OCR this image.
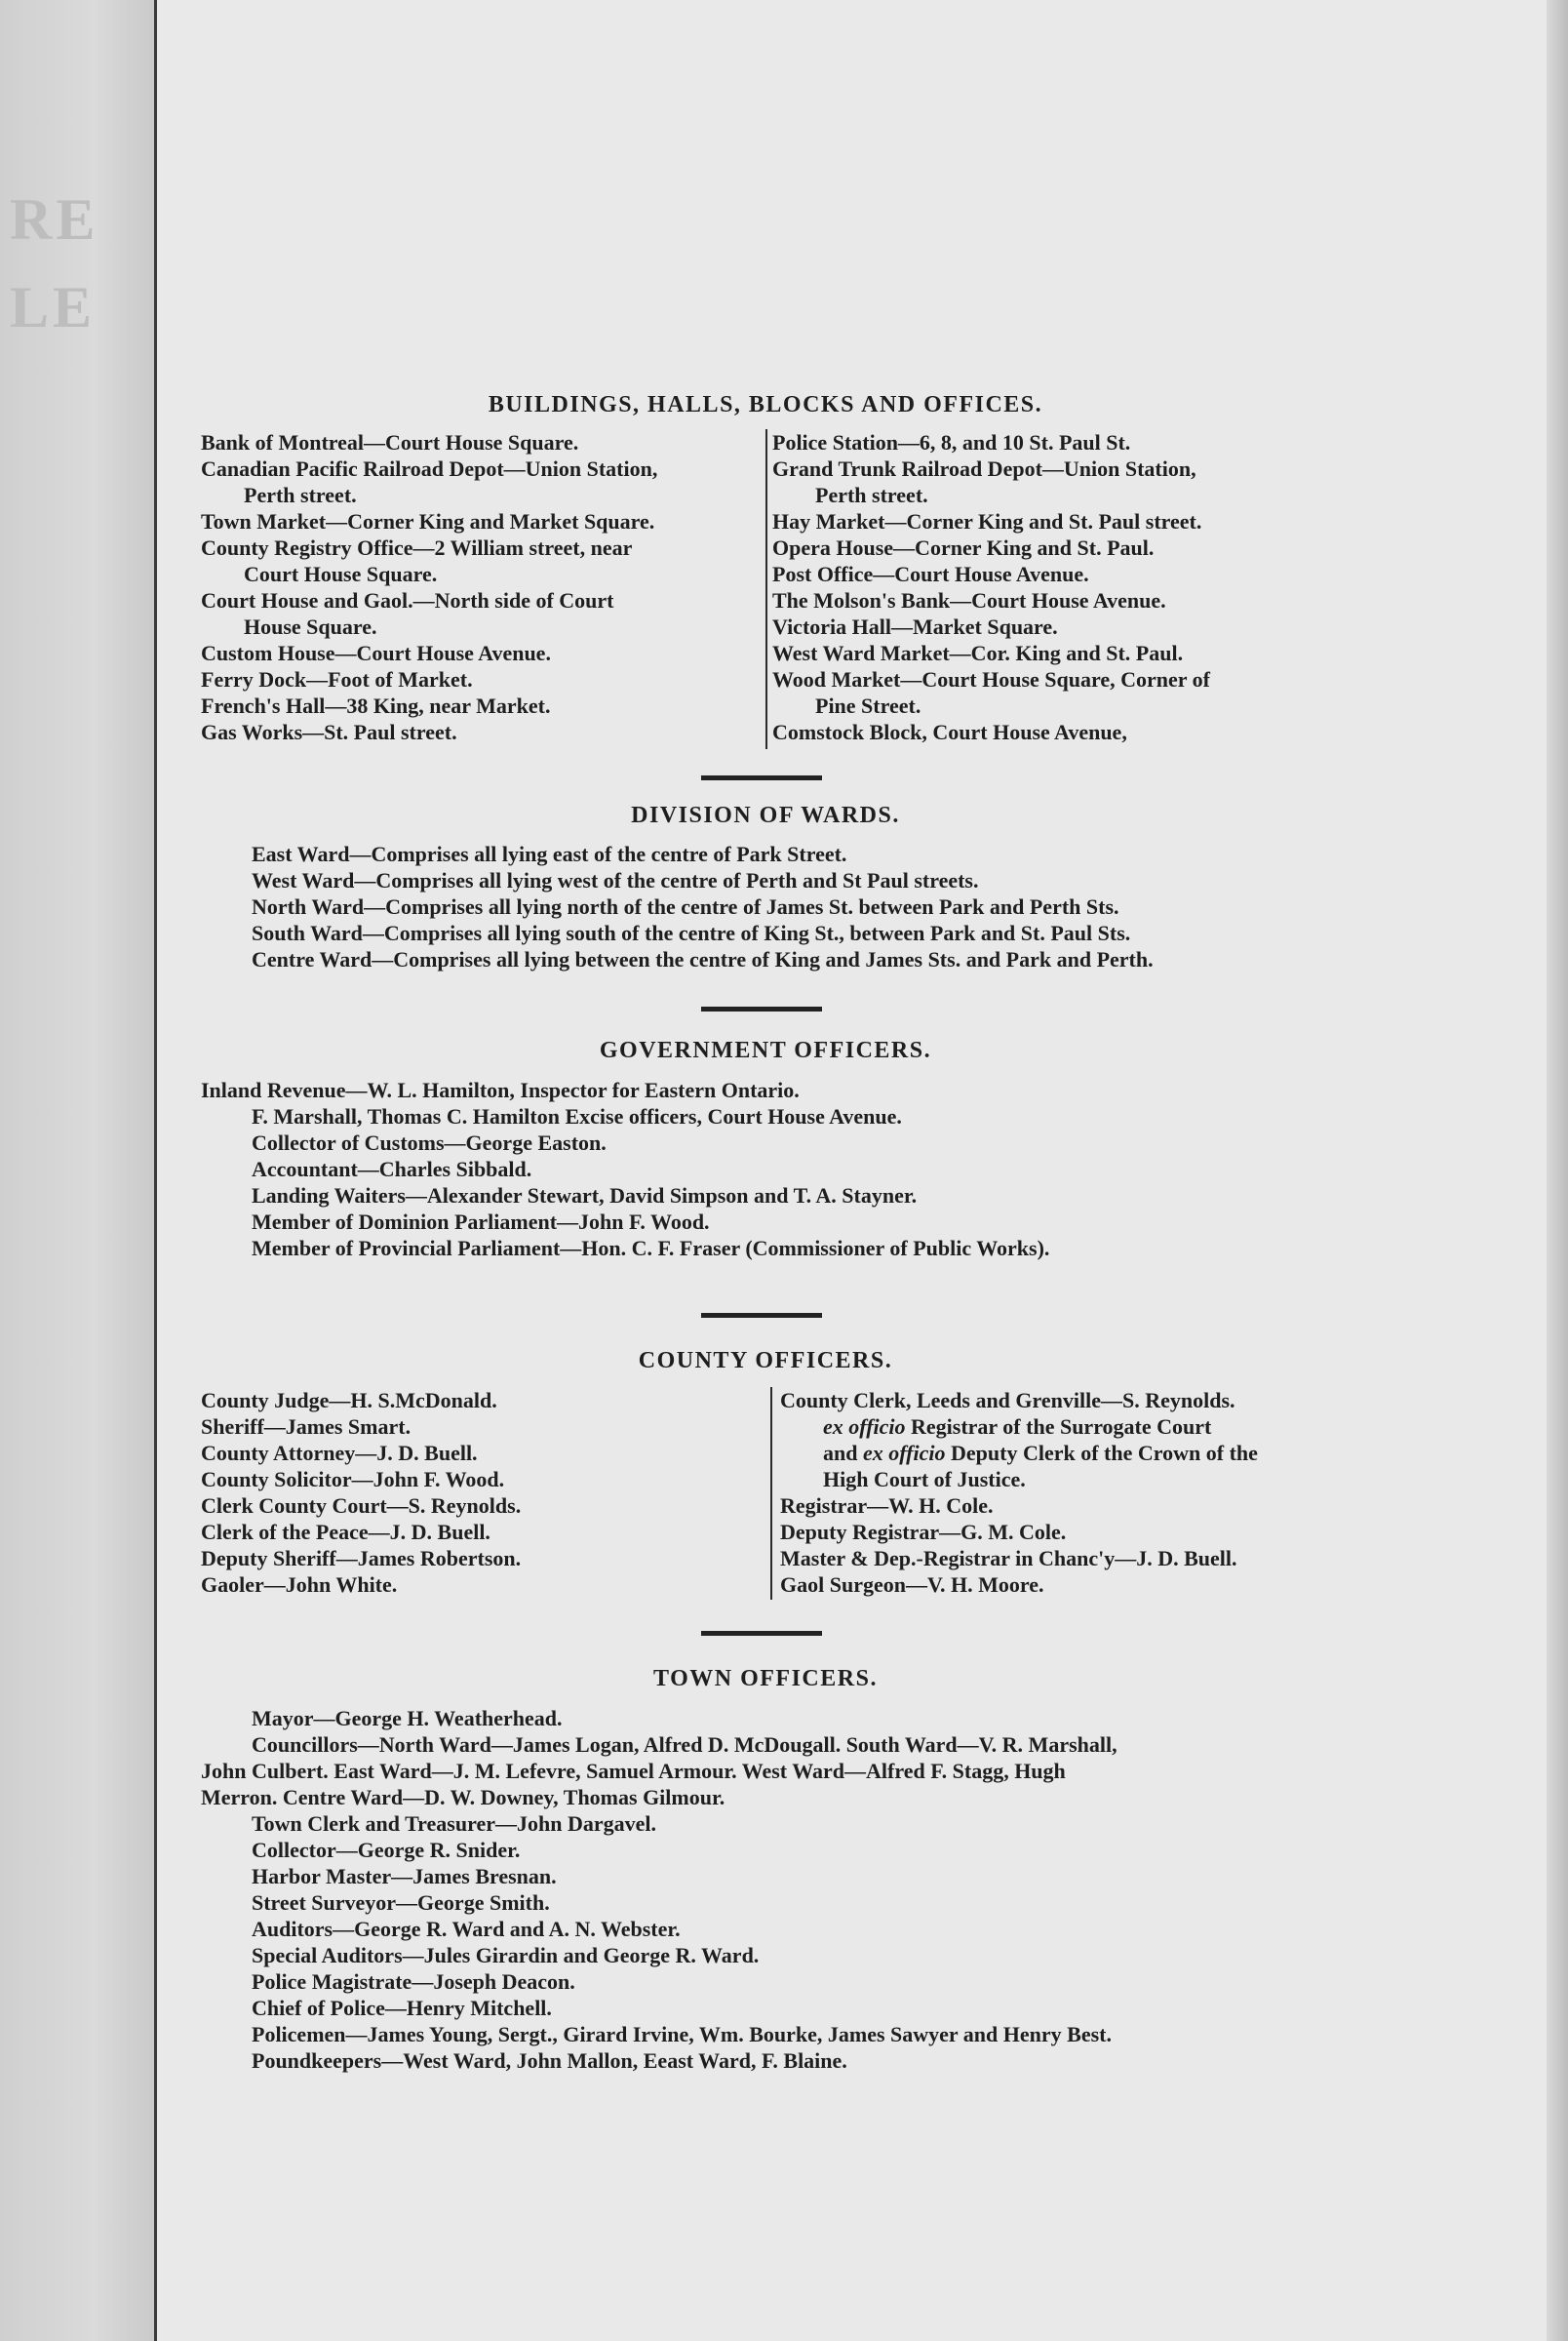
RE
LE
BUILDINGS, HALLS, BLOCKS AND OFFICES.
Bank of Montreal—Court House Square.
Canadian Pacific Railroad Depot—Union Station,
Perth street.
Town Market—Corner King and Market Square.
County Registry Office—2 William street, near
Court House Square.
Court House and Gaol.—North side of Court
House Square.
Custom House—Court House Avenue.
Ferry Dock—Foot of Market.
French's Hall—38 King, near Market.
Gas Works—St. Paul street.
Police Station—6, 8, and 10 St. Paul St.
Grand Trunk Railroad Depot—Union Station,
Perth street.
Hay Market—Corner King and St. Paul street.
Opera House—Corner King and St. Paul.
Post Office—Court House Avenue.
The Molson's Bank—Court House Avenue.
Victoria Hall—Market Square.
West Ward Market—Cor. King and St. Paul.
Wood Market—Court House Square, Corner of
Pine Street.
Comstock Block, Court House Avenue,
DIVISION OF WARDS.
East Ward—Comprises all lying east of the centre of Park Street.
West Ward—Comprises all lying west of the centre of Perth and St Paul streets.
North Ward—Comprises all lying north of the centre of James St. between Park and Perth Sts.
South Ward—Comprises all lying south of the centre of King St., between Park and St. Paul Sts.
Centre Ward—Comprises all lying between the centre of King and James Sts. and Park and Perth.
GOVERNMENT OFFICERS.
Inland Revenue—W. L. Hamilton, Inspector for Eastern Ontario.
F. Marshall, Thomas C. Hamilton Excise officers, Court House Avenue.
Collector of Customs—George Easton.
Accountant—Charles Sibbald.
Landing Waiters—Alexander Stewart, David Simpson and T. A. Stayner.
Member of Dominion Parliament—John F. Wood.
Member of Provincial Parliament—Hon. C. F. Fraser (Commissioner of Public Works).
COUNTY OFFICERS.
County Judge—H. S.McDonald.
Sheriff—James Smart.
County Attorney—J. D. Buell.
County Solicitor—John F. Wood.
Clerk County Court—S. Reynolds.
Clerk of the Peace—J. D. Buell.
Deputy Sheriff—James Robertson.
Gaoler—John White.
County Clerk, Leeds and Grenville—S. Reynolds.
ex officio Registrar of the Surrogate Court
and ex officio Deputy Clerk of the Crown of the
High Court of Justice.
Registrar—W. H. Cole.
Deputy Registrar—G. M. Cole.
Master & Dep.-Registrar in Chanc'y—J. D. Buell.
Gaol Surgeon—V. H. Moore.
TOWN OFFICERS.
Mayor—George H. Weatherhead.
Councillors—North Ward—James Logan, Alfred D. McDougall. South Ward—V. R. Marshall,
John Culbert. East Ward—J. M. Lefevre, Samuel Armour. West Ward—Alfred F. Stagg, Hugh
Merron. Centre Ward—D. W. Downey, Thomas Gilmour.
Town Clerk and Treasurer—John Dargavel.
Collector—George R. Snider.
Harbor Master—James Bresnan.
Street Surveyor—George Smith.
Auditors—George R. Ward and A. N. Webster.
Special Auditors—Jules Girardin and George R. Ward.
Police Magistrate—Joseph Deacon.
Chief of Police—Henry Mitchell.
Policemen—James Young, Sergt., Girard Irvine, Wm. Bourke, James Sawyer and Henry Best.
Poundkeepers—West Ward, John Mallon, Eeast Ward, F. Blaine.
